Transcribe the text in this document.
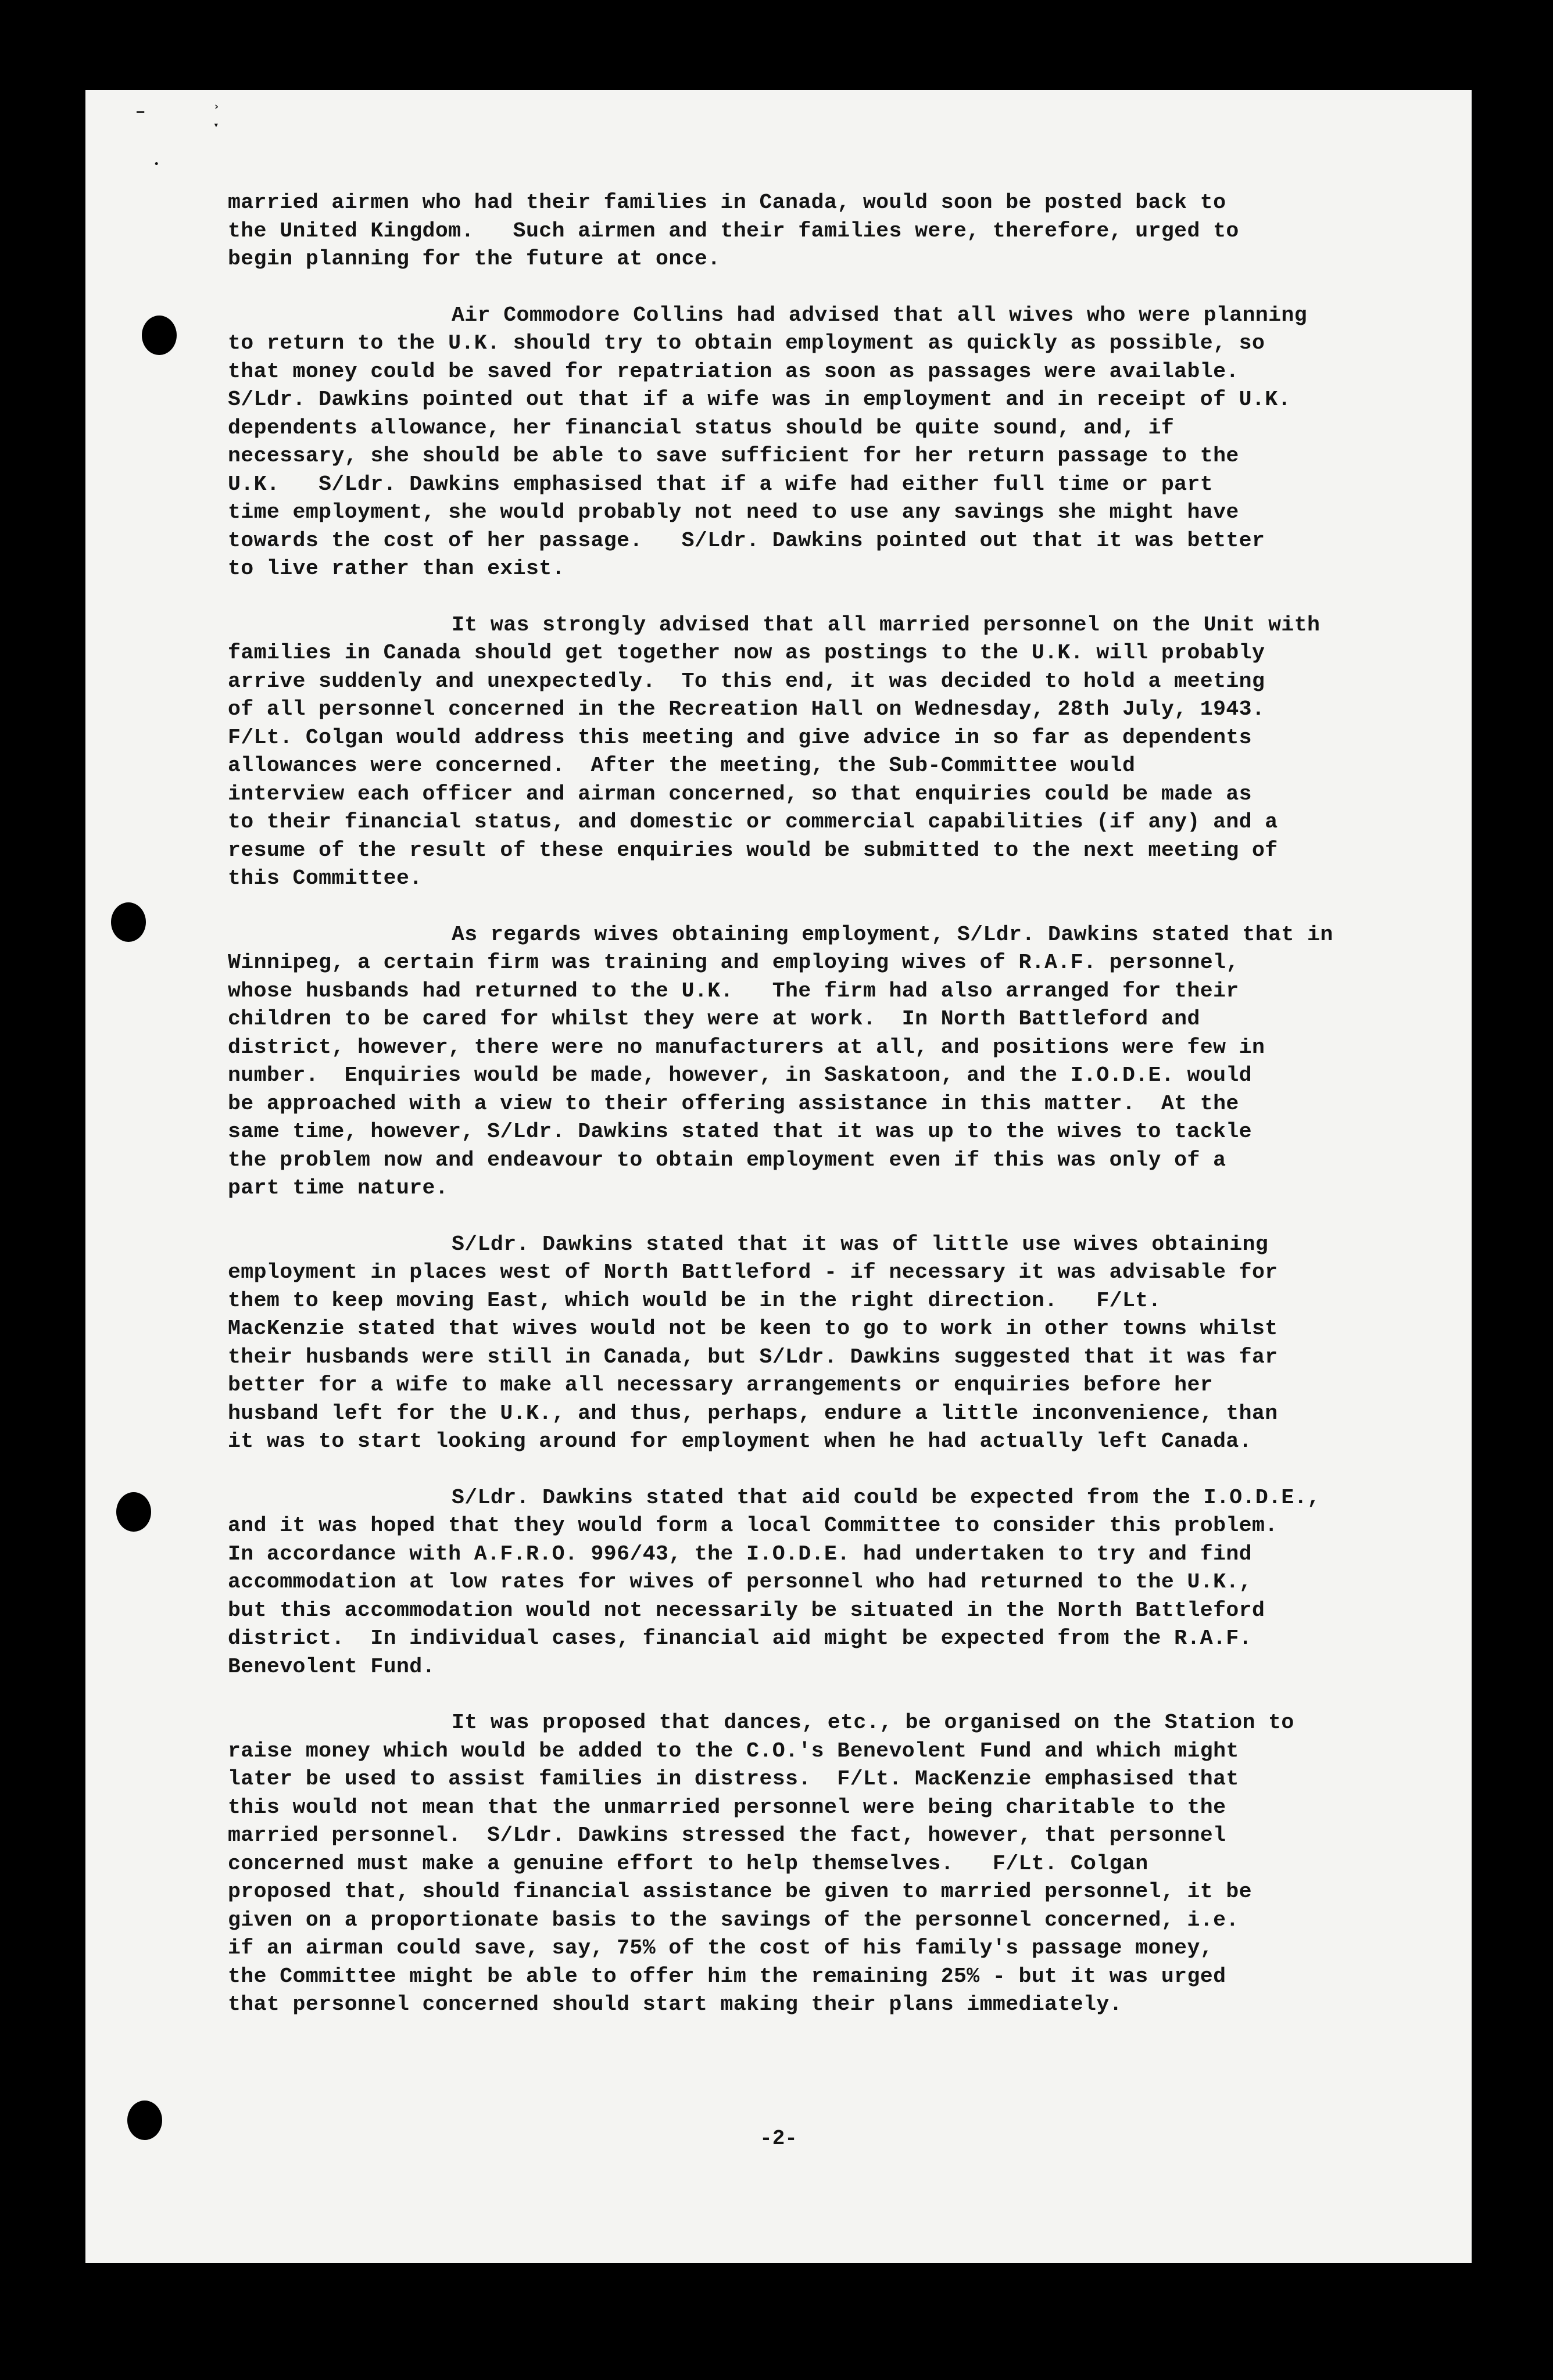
–	›
▾
•
married airmen who had their families in Canada, would soon be posted back to
the United Kingdom.   Such airmen and their families were, therefore, urged to
begin planning for the future at once.
Air Commodore Collins had advised that all wives who were planning
to return to the U.K. should try to obtain employment as quickly as possible, so
that money could be saved for repatriation as soon as passages were available.
S/Ldr. Dawkins pointed out that if a wife was in employment and in receipt of U.K.
dependents allowance, her financial status should be quite sound, and, if
necessary, she should be able to save sufficient for her return passage to the
U.K.   S/Ldr. Dawkins emphasised that if a wife had either full time or part
time employment, she would probably not need to use any savings she might have
towards the cost of her passage.   S/Ldr. Dawkins pointed out that it was better
to live rather than exist.
It was strongly advised that all married personnel on the Unit with
families in Canada should get together now as postings to the U.K. will probably
arrive suddenly and unexpectedly.  To this end, it was decided to hold a meeting
of all personnel concerned in the Recreation Hall on Wednesday, 28th July, 1943.
F/Lt. Colgan would address this meeting and give advice in so far as dependents
allowances were concerned.  After the meeting, the Sub-Committee would
interview each officer and airman concerned, so that enquiries could be made as
to their financial status, and domestic or commercial capabilities (if any) and a
resume of the result of these enquiries would be submitted to the next meeting of
this Committee.
As regards wives obtaining employment, S/Ldr. Dawkins stated that in
Winnipeg, a certain firm was training and employing wives of R.A.F. personnel,
whose husbands had returned to the U.K.   The firm had also arranged for their
children to be cared for whilst they were at work.  In North Battleford and
district, however, there were no manufacturers at all, and positions were few in
number.  Enquiries would be made, however, in Saskatoon, and the I.O.D.E. would
be approached with a view to their offering assistance in this matter.  At the
same time, however, S/Ldr. Dawkins stated that it was up to the wives to tackle
the problem now and endeavour to obtain employment even if this was only of a
part time nature.
S/Ldr. Dawkins stated that it was of little use wives obtaining
employment in places west of North Battleford - if necessary it was advisable for
them to keep moving East, which would be in the right direction.   F/Lt.
MacKenzie stated that wives would not be keen to go to work in other towns whilst
their husbands were still in Canada, but S/Ldr. Dawkins suggested that it was far
better for a wife to make all necessary arrangements or enquiries before her
husband left for the U.K., and thus, perhaps, endure a little inconvenience, than
it was to start looking around for employment when he had actually left Canada.
S/Ldr. Dawkins stated that aid could be expected from the I.O.D.E.,
and it was hoped that they would form a local Committee to consider this problem.
In accordance with A.F.R.O. 996/43, the I.O.D.E. had undertaken to try and find
accommodation at low rates for wives of personnel who had returned to the U.K.,
but this accommodation would not necessarily be situated in the North Battleford
district.  In individual cases, financial aid might be expected from the R.A.F.
Benevolent Fund.
It was proposed that dances, etc., be organised on the Station to
raise money which would be added to the C.O.'s Benevolent Fund and which might
later be used to assist families in distress.  F/Lt. MacKenzie emphasised that
this would not mean that the unmarried personnel were being charitable to the
married personnel.  S/Ldr. Dawkins stressed the fact, however, that personnel
concerned must make a genuine effort to help themselves.   F/Lt. Colgan
proposed that, should financial assistance be given to married personnel, it be
given on a proportionate basis to the savings of the personnel concerned, i.e.
if an airman could save, say, 75% of the cost of his family's passage money,
the Committee might be able to offer him the remaining 25% - but it was urged
that personnel concerned should start making their plans immediately.
-2-
